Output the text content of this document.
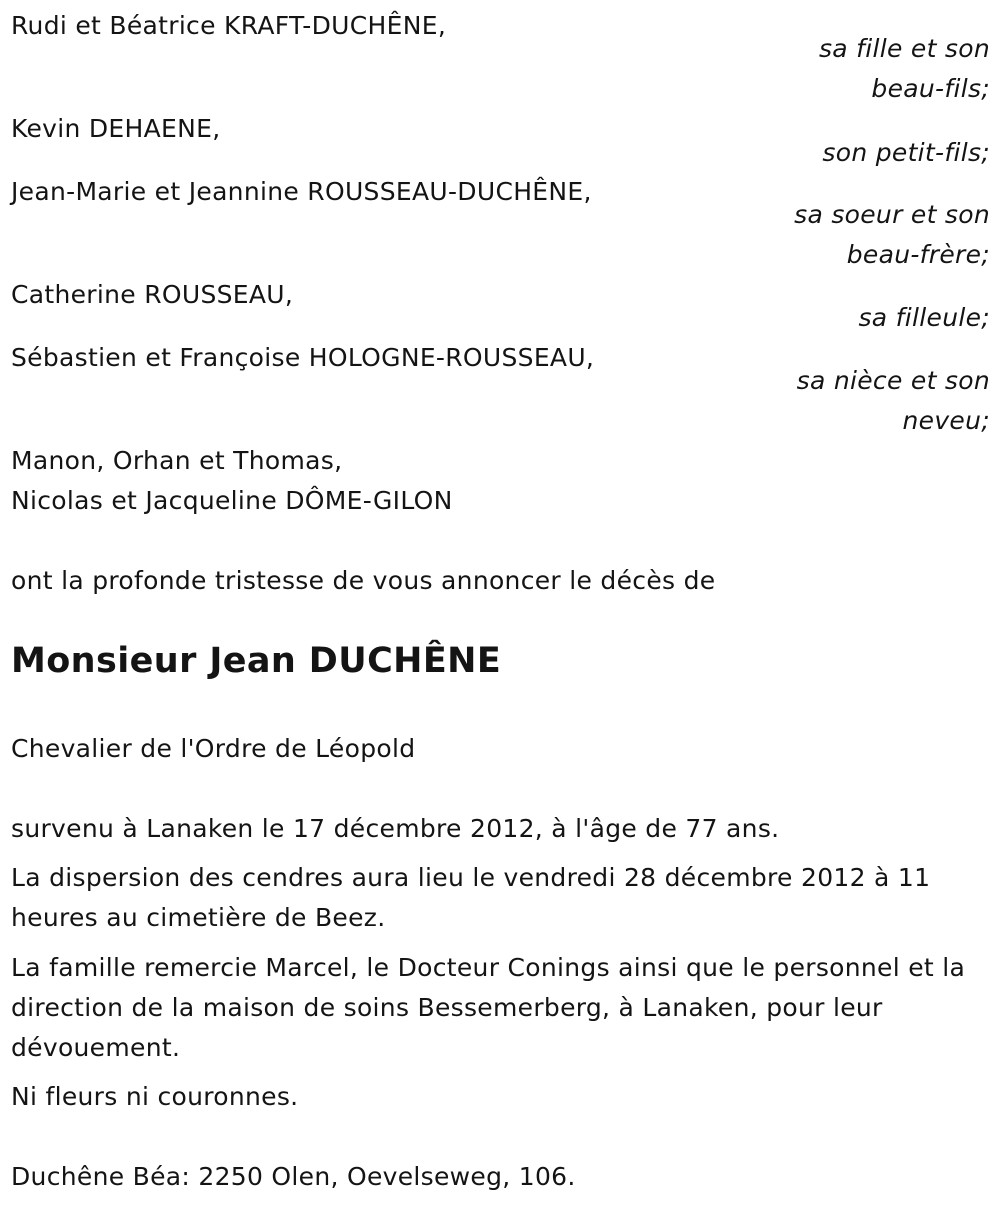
Rudi et Béatrice KRAFT-DUCHÊNE,
sa fille et son
beau-fils;
Kevin DEHAENE,
son petit-fils;
Jean-Marie et Jeannine ROUSSEAU-DUCHÊNE,
sa soeur et son
beau-frère;
Catherine ROUSSEAU,
sa filleule;
Sébastien et Françoise HOLOGNE-ROUSSEAU,
sa nièce et son
neveu;
Manon, Orhan et Thomas,
Nicolas et Jacqueline DÔME-GILON
ont la profonde tristesse de vous annoncer le décès de
Monsieur Jean DUCHÊNE
Chevalier de l'Ordre de Léopold
survenu à Lanaken le 17 décembre 2012, à l'âge de 77 ans.
La dispersion des cendres aura lieu le vendredi 28 décembre 2012 à 11 heures au cimetière de Beez.
La famille remercie Marcel, le Docteur Conings ainsi que le personnel et la direction de la maison de soins Bessemerberg, à Lanaken, pour leur dévouement.
Ni fleurs ni couronnes.
Duchêne Béa: 2250 Olen, Oevelseweg, 106.
